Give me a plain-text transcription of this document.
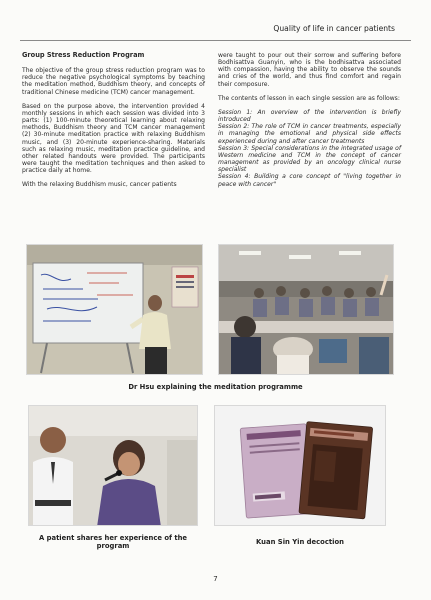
Quality of life in cancer patients
Group Stress Reduction Program

The objective of the group stress reduction program was to reduce the negative psychological symptoms by teaching the meditation method, Buddhism theory, and concepts of traditional Chinese medicine (TCM) cancer management.

Based on the purpose above, the intervention provided 4 monthly sessions in which each session was divided into 3 parts: (1) 100-minute theoretical learning about relaxing methods, Buddhism theory and TCM cancer management (2) 30-minute meditation practice with relaxing Buddhism music, and (3) 20-minute experience-sharing. Materials such as relaxing music, meditation practice guideline, and other related handouts were provided. The participants were taught the meditation techniques and then asked to practice daily at home.

With the relaxing Buddhism music, cancer patients

were taught to pour out their sorrow and suffering before Bodhisattva Guanyin, who is the bodhisattva associated with compassion, having the ability to observe the sounds and cries of the world, and thus find comfort and regain their composure.

The contents of lesson in each single session are as follows:

Session 1: An overview of the intervention is briefly introduced

Session 2: The role of TCM in cancer treatments, especially in managing the emotional and physical side effects experienced during and after cancer treatments

Session 3: Special considerations in the integrated usage of Western medicine and TCM in the concept of cancer management as provided by an oncology clinical nurse specialist

Session 4: Building a core concept of "living together in peace with cancer"

Dr Hsu explaining the meditation programme
A patient shares her experience of the program	Kuan Sin Yin decoction
7
